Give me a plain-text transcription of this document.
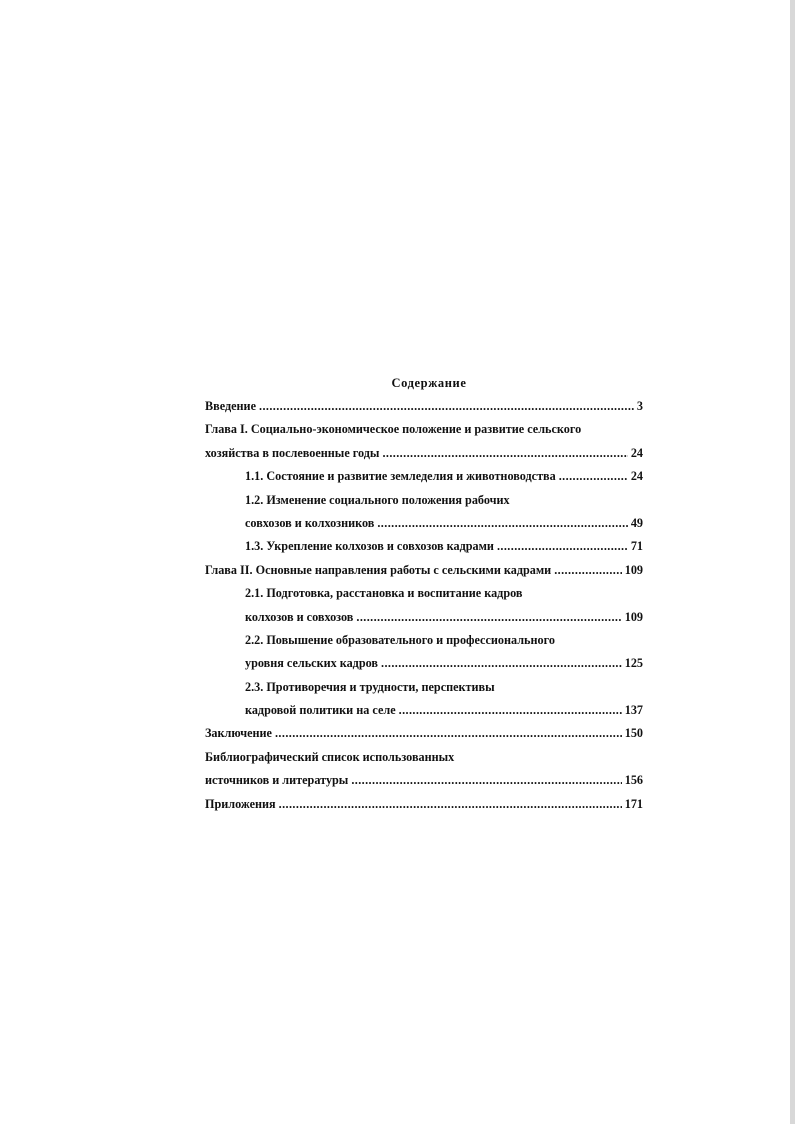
Содержание
Введение .....	3
Глава I. Социально-экономическое положение и развитие сельского
хозяйства в послевоенные годы .....	24
1.1. Состояние и развитие земледелия и животноводства .....	24
1.2. Изменение социального положения рабочих
совхозов и колхозников .....	49
1.3. Укрепление колхозов и совхозов кадрами .....	71
Глава II. Основные направления работы с сельскими кадрами .....	109
2.1. Подготовка, расстановка и воспитание кадров
колхозов и совхозов .....	109
2.2. Повышение образовательного и профессионального
уровня сельских кадров .....	125
2.3. Противоречия и трудности, перспективы
кадровой политики на селе .....	137
Заключение .....	150
Библиографический список использованных
источников и литературы .....	156
Приложения .....	171
